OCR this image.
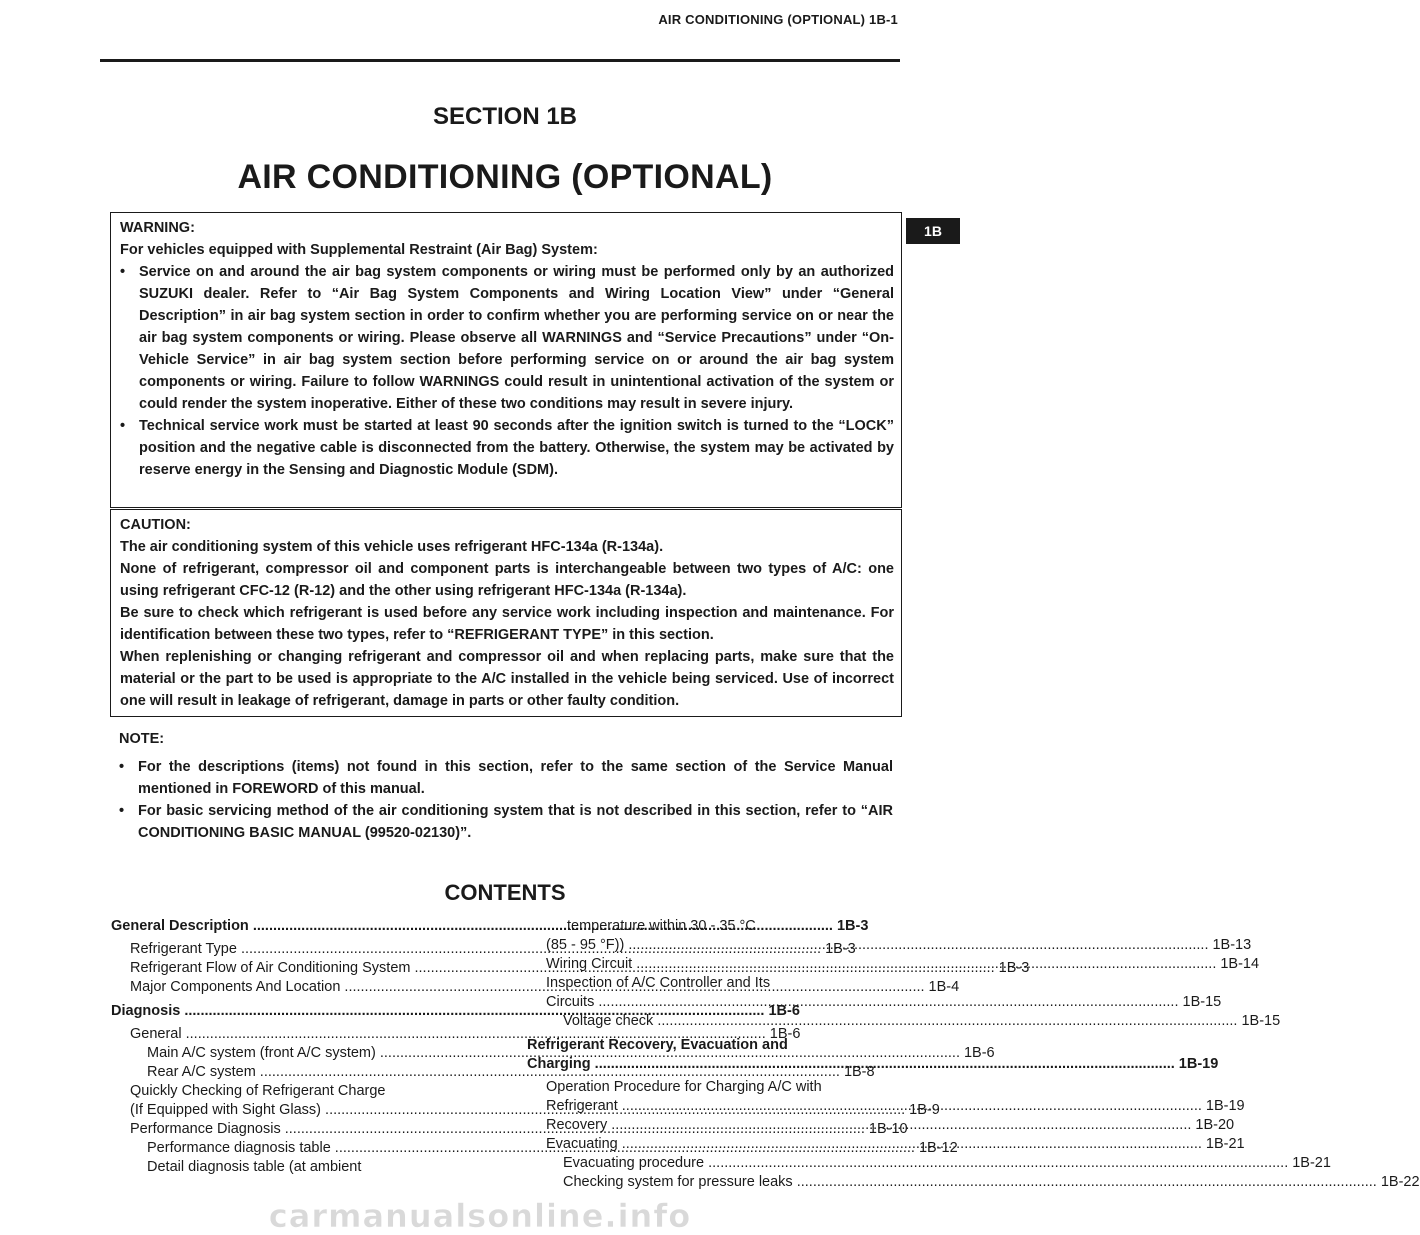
AIR CONDITIONING (OPTIONAL) 1B-1
SECTION 1B
AIR CONDITIONING (OPTIONAL)
1B

WARNING:

For vehicles equipped with Supplemental Restraint (Air Bag) System:

• Service on and around the air bag system components or wiring must be performed only by an authorized SUZUKI dealer. Refer to “Air Bag System Components and Wiring Location View” under “General Description” in air bag system section in order to confirm whether you are performing service on or near the air bag system components or wiring. Please observe all WARNINGS and “Service Precautions” under “On-Vehicle Service” in air bag system section before performing service on or around the air bag system components or wiring. Failure to follow WARNINGS could result in unintentional activation of the system or could render the system inoperative. Either of these two conditions may result in severe injury.
• Technical service work must be started at least 90 seconds after the ignition switch is turned to the “LOCK” position and the negative cable is disconnected from the battery. Otherwise, the system may be activated by reserve energy in the Sensing and Diagnostic Module (SDM).

CAUTION:

The air conditioning system of this vehicle uses refrigerant HFC-134a (R-134a).

None of refrigerant, compressor oil and component parts is interchangeable between two types of A/C: one using refrigerant CFC-12 (R-12) and the other using refrigerant HFC-134a (R-134a).

Be sure to check which refrigerant is used before any service work including inspection and maintenance. For identification between these two types, refer to “REFRIGERANT TYPE” in this section.

When replenishing or changing refrigerant and compressor oil and when replacing parts, make sure that the material or the part to be used is appropriate to the A/C installed in the vehicle being serviced. Use of incorrect one will result in leakage of refrigerant, damage in parts or other faulty condition.

NOTE:

• For the descriptions (items) not found in this section, refer to the same section of the Service Manual mentioned in FOREWORD of this manual.
• For basic servicing method of the air conditioning system that is not described in this section, refer to “AIR CONDITIONING BASIC MANUAL (99520-02130)”.
CONTENTS
General Description .....	1B-3
Refrigerant Type .....	1B-3
Refrigerant Flow of Air Conditioning System .....	1B-3
Major Components And Location .....	1B-4
Diagnosis .....	1B-6
General .....	1B-6
Main A/C system (front A/C system) .....	1B-6
Rear A/C system .....	1B-8
Quickly Checking of Refrigerant Charge
(If Equipped with Sight Glass) .....	1B-9
Performance Diagnosis .....	1B-10
Performance diagnosis table .....	1B-12
Detail diagnosis table (at ambient
temperature within 30 - 35 °C
(85 - 95 °F)) .....	1B-13
Wiring Circuit .....	1B-14
Inspection of A/C Controller and Its
Circuits .....	1B-15
Voltage check .....	1B-15
Refrigerant Recovery, Evacuation and
Charging .....	1B-19
Operation Procedure for Charging A/C with
Refrigerant .....	1B-19
Recovery .....	1B-20
Evacuating .....	1B-21
Evacuating procedure .....	1B-21
Checking system for pressure leaks .....	1B-22
carmanualsonline.info
